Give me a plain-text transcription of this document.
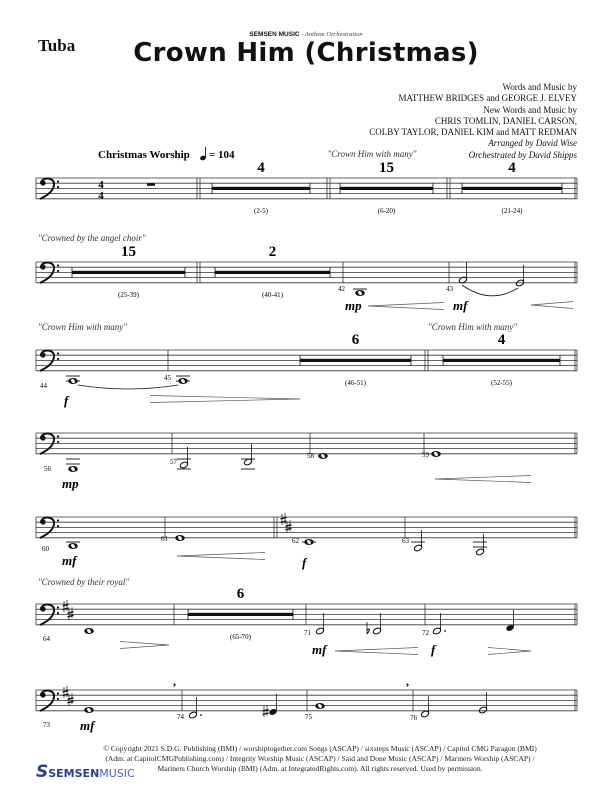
Tuba
SEMSEN MUSIC - Anthem Orchestration
Crown Him (Christmas)
Words and Music by
MATTHEW BRIDGES and GEORGE J. ELVEY
New Words and Music by
CHRIS TOMLIN, DANIEL CARSON,
COLBY TAYLOR, DANIEL KIM and MATT REDMAN
Arranged by David Wise
Orchestrated by David Shipps
Christmas Worship = 104	"Crown Him with many"
4
4
4
(2-5)
15
(6-20)
4
(21-24)
15
(25-39)
2
(40-41)
6
(46-51)
4
(52-55)
6
(65-70)
"Crowned by the angel choir"
42
mp
43
mf
"Crown Him with many"	"Crown Him with many"
44
45
f
56
mp
57
58	59
60
mf
61	62
f
63
"Crowned by their royal"
64
71
mf
72
f
73 mf
,
74	75
,
76
© Copyright 2021 S.D.G. Publishing (BMI) / worshiptogether.com Songs (ASCAP) / sixsteps Music (ASCAP) / Capitol CMG Paragon (BMI)
(Adm. at CapitolCMGPublishing.com) / Integrity Worship Music (ASCAP) / Said and Done Music (ASCAP) / Mariners Worship (ASCAP) /
Mariners Church Worship (BMI) (Adm. at IntegratedRights.com). All rights reserved. Used by permission.
SSEMSENMUSIC
